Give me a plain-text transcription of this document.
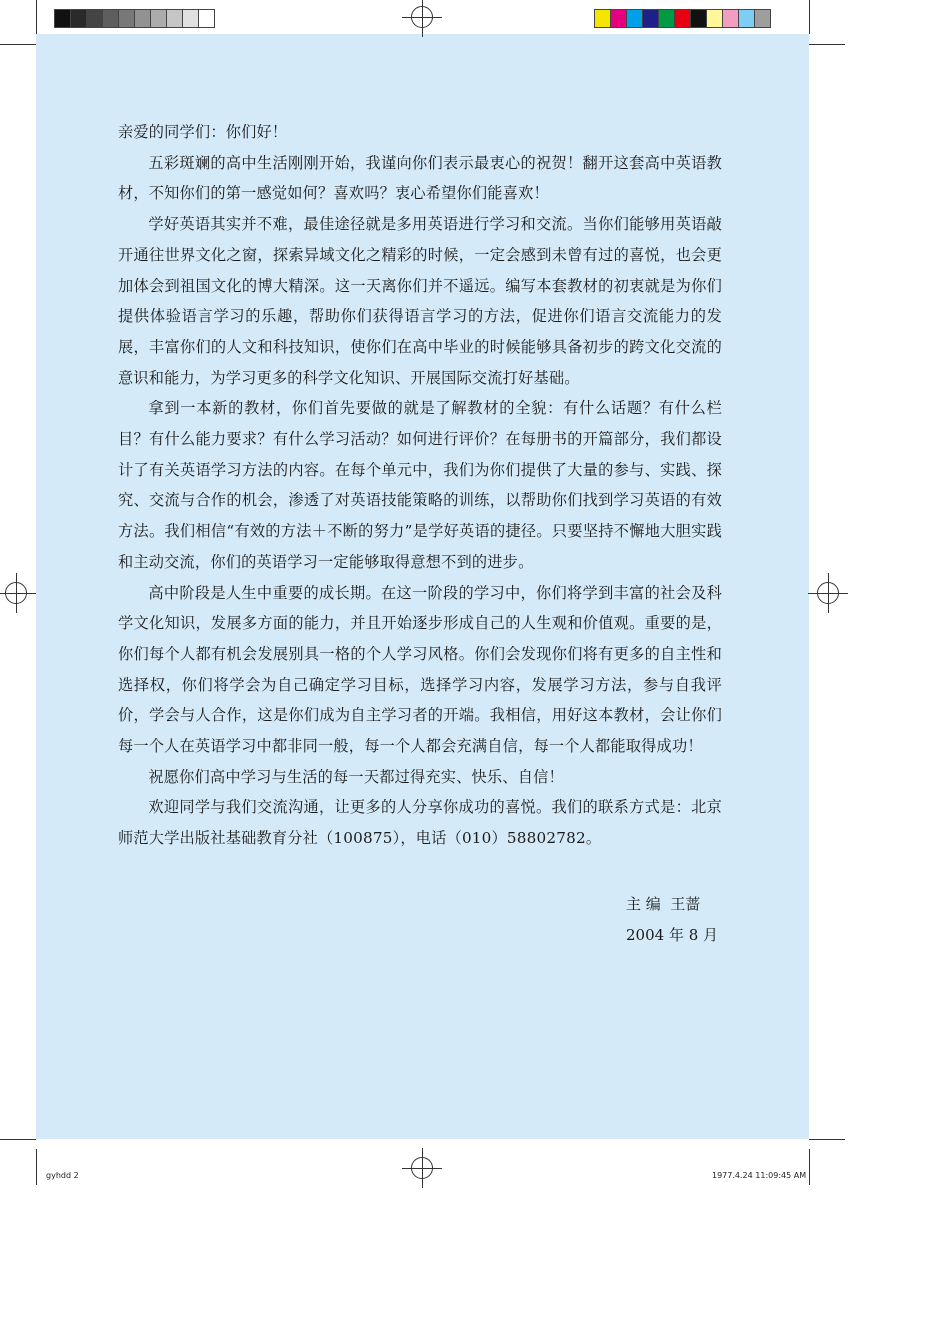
亲爱的同学们：你们好！

五彩斑斓的高中生活刚刚开始，我谨向你们表示最衷心的祝贺！翻开这套高中英语教材，不知你们的第一感觉如何？喜欢吗？衷心希望你们能喜欢！

学好英语其实并不难，最佳途径就是多用英语进行学习和交流。当你们能够用英语敲开通往世界文化之窗，探索异域文化之精彩的时候，一定会感到未曾有过的喜悦，也会更加体会到祖国文化的博大精深。这一天离你们并不遥远。编写本套教材的初衷就是为你们提供体验语言学习的乐趣，帮助你们获得语言学习的方法，促进你们语言交流能力的发展，丰富你们的人文和科技知识，使你们在高中毕业的时候能够具备初步的跨文化交流的意识和能力，为学习更多的科学文化知识、开展国际交流打好基础。

拿到一本新的教材，你们首先要做的就是了解教材的全貌：有什么话题？有什么栏目？有什么能力要求？有什么学习活动？如何进行评价？在每册书的开篇部分，我们都设计了有关英语学习方法的内容。在每个单元中，我们为你们提供了大量的参与、实践、探究、交流与合作的机会，渗透了对英语技能策略的训练，以帮助你们找到学习英语的有效方法。我们相信“有效的方法＋不断的努力”是学好英语的捷径。只要坚持不懈地大胆实践和主动交流，你们的英语学习一定能够取得意想不到的进步。

高中阶段是人生中重要的成长期。在这一阶段的学习中，你们将学到丰富的社会及科学文化知识，发展多方面的能力，并且开始逐步形成自己的人生观和价值观。重要的是，你们每个人都有机会发展别具一格的个人学习风格。你们会发现你们将有更多的自主性和选择权，你们将学会为自己确定学习目标，选择学习内容，发展学习方法，参与自我评价，学会与人合作，这是你们成为自主学习者的开端。我相信，用好这本教材，会让你们每一个人在英语学习中都非同一般，每一个人都会充满自信，每一个人都能取得成功！

祝愿你们高中学习与生活的每一天都过得充实、快乐、自信！

欢迎同学与我们交流沟通，让更多的人分享你成功的喜悦。我们的联系方式是：北京师范大学出版社基础教育分社（100875），电话（010）58802782。

主 编 王蔷
2004 年 8 月
gyhdd 2	1977.4.24 11:09:45 AM
